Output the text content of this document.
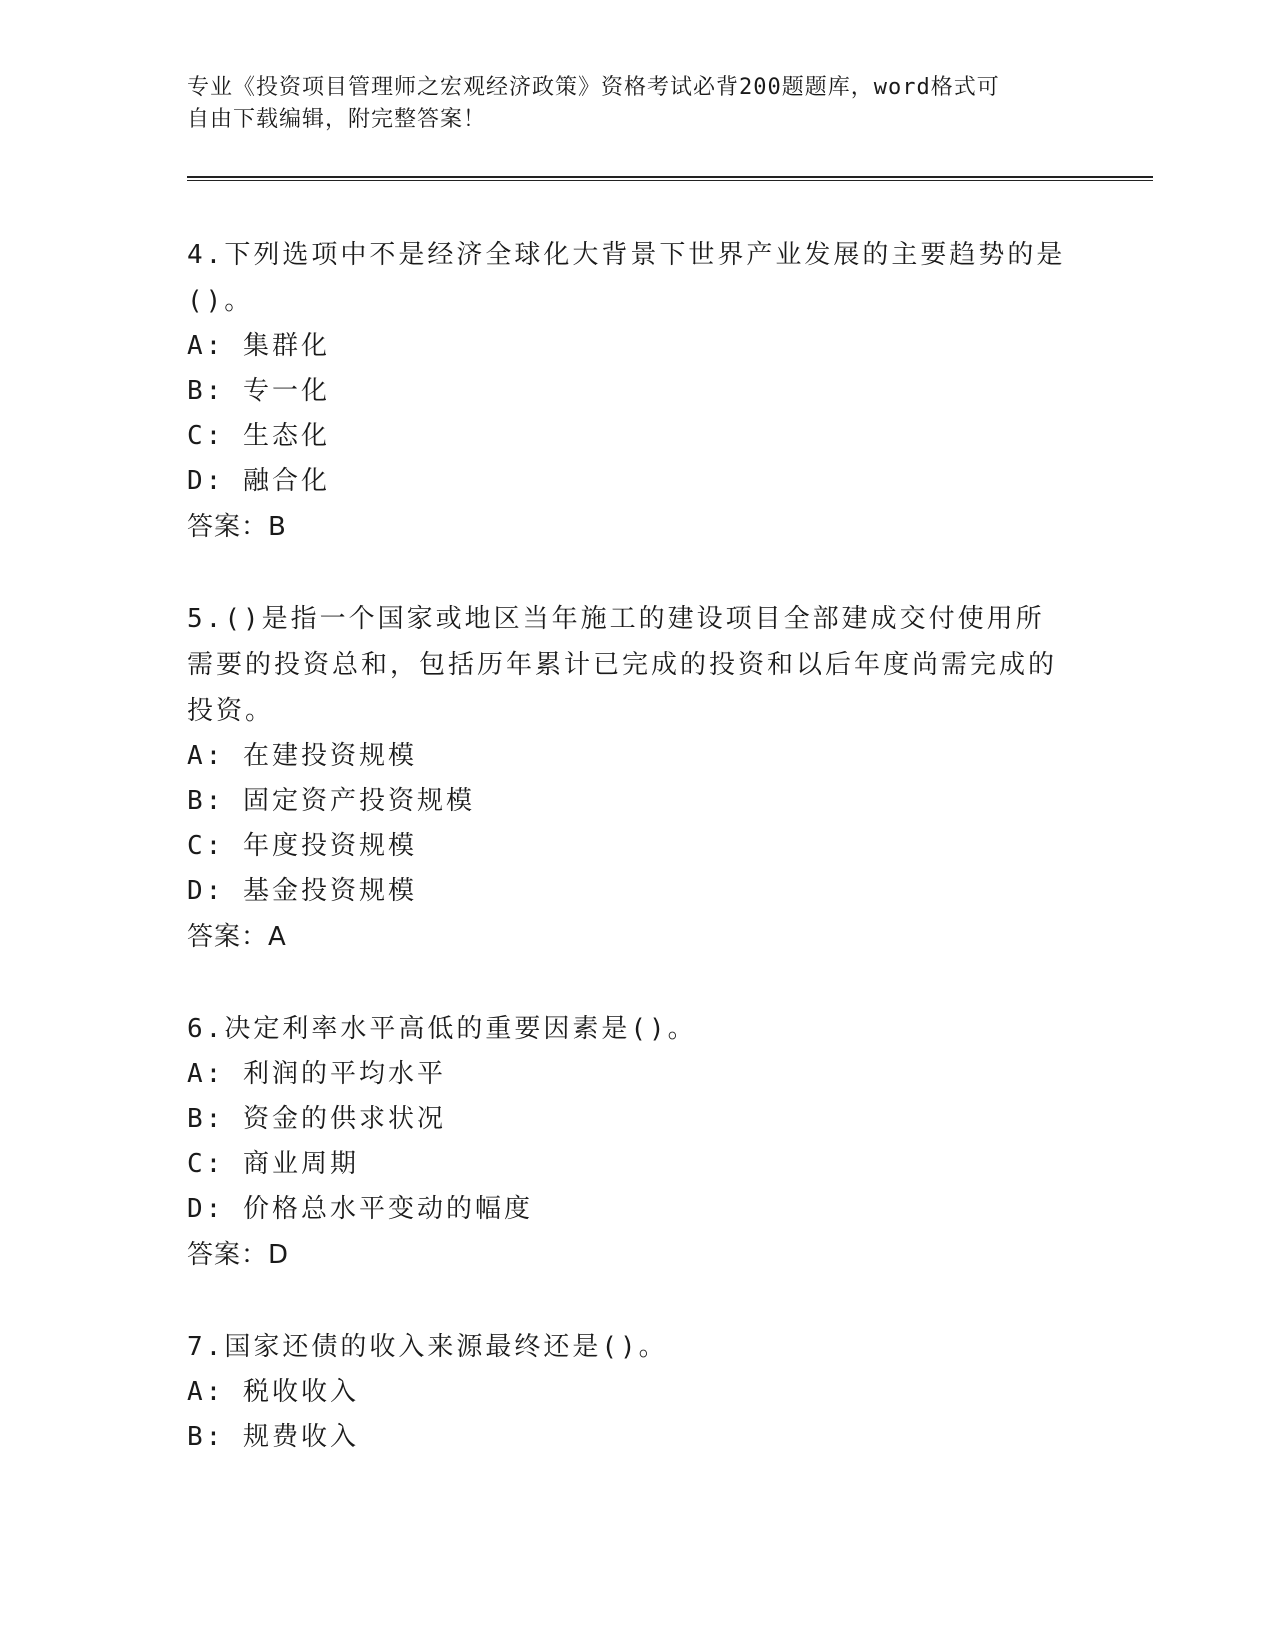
专业《投资项目管理师之宏观经济政策》资格考试必背200题题库，word格式可

自由下载编辑，附完整答案！

4.下列选项中不是经济全球化大背景下世界产业发展的主要趋势的是()。

A: 集群化

B: 专一化

C: 生态化

D: 融合化

答案：B

5.()是指一个国家或地区当年施工的建设项目全部建成交付使用所需要的投资总和，包括历年累计已完成的投资和以后年度尚需完成的投资。

A: 在建投资规模

B: 固定资产投资规模

C: 年度投资规模

D: 基金投资规模

答案：A

6.决定利率水平高低的重要因素是()。

A: 利润的平均水平

B: 资金的供求状况

C: 商业周期

D: 价格总水平变动的幅度

答案：D

7.国家还债的收入来源最终还是()。

A: 税收收入

B: 规费收入
